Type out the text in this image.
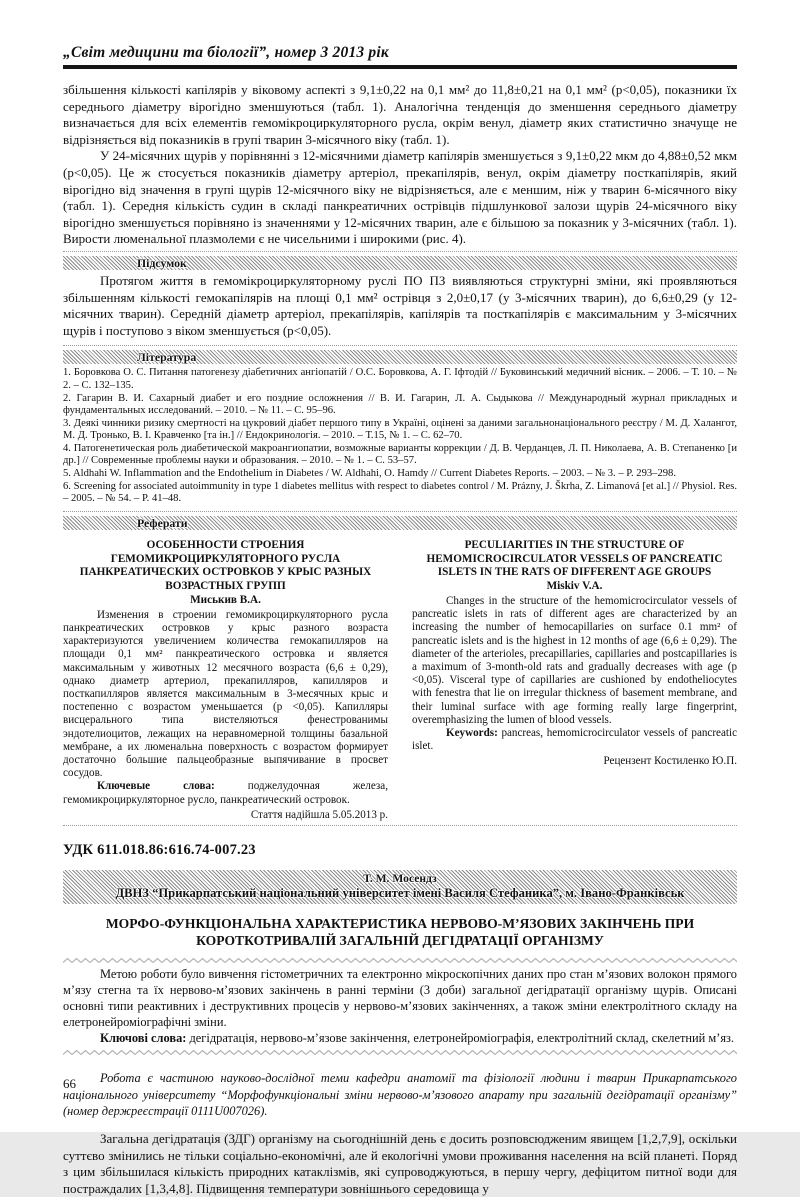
„Світ медицини та біології”, номер 3 2013 рік

збільшення кількості капілярів у віковому аспекті з 9,1±0,22 на 0,1 мм² до 11,8±0,21 на 0,1 мм² (р<0,05), показники їх середнього діаметру вірогідно зменшуються (табл. 1). Аналогічна тенденція до зменшення середнього діаметру визначається для всіх елементів гемомікроциркуляторного русла, окрім венул, діаметр яких статистично значуще не відрізняється від показників в групі тварин 3-місячного віку (табл. 1).

У 24-місячних щурів у порівнянні з 12-місячними діаметр капілярів зменшується з 9,1±0,22 мкм до 4,88±0,52 мкм (р<0,05). Це ж стосується показників діаметру артеріол, прекапілярів, венул, окрім діаметру посткапілярів, який вірогідно від значення в групі щурів 12-місячного віку не відрізняється, але є меншим, ніж у тварин 6-місячного віку (табл. 1). Середня кількість судин в складі панкреатичних острівців підшлункової залози щурів 24-місячного віку вірогідно зменшується порівняно із значеннями у 12-місячних тварин, але є більшою за показник у 3-місячних (табл. 1). Вирости люменальної плазмолеми є не чисельними і широкими (рис. 4).

Підсумок

Протягом життя в гемомікроциркуляторному руслі ПО ПЗ виявляються структурні зміни, які проявляються збільшенням кількості гемокапілярів на площі 0,1 мм² острівця з 2,0±0,17 (у 3-місячних тварин), до 6,6±0,29 (у 12-місячних тварин). Середній діаметр артеріол, прекапілярів, капілярів та посткапілярів є максимальним у 3-місячних щурів і поступово з віком зменшується (р<0,05).

Література
1. Боровкова О. С. Питання патогенезу діабетичних ангіопатій / О.С. Боровкова, А. Г. Іфтодій // Буковинський медичний вісник. – 2006. – Т. 10. – № 2. – С. 132–135.
2. Гагарин В. И. Сахарный диабет и его поздние осложнения // В. И. Гагарин, Л. А. Сыдыкова // Международный журнал прикладных и фундаментальных исследований. – 2010. – № 11. – С. 95–96.
3. Деякі чинники ризику смертності на цукровий діабет першого типу в Україні, оцінені за даними загальнонаціонального реєстру / М. Д. Халангот, М. Д. Тронько, В. І. Кравченко [та ін.] // Ендокринологія. – 2010. – Т.15, № 1. – С. 62–70.
4. Патогенетическая роль диабетической макроангиопатии, возможные варианты коррекции / Д. В. Черданцев, Л. П. Николаева, А. В. Степаненко [и др.] // Современные проблемы науки и образования. – 2010. – № 1. – С. 53–57.
5. Aldhahi W. Inflammation and the Endothelium in Diabetes / W. Aldhahi, O. Hamdy // Current Diabetes Reports. – 2003. – № 3. – P. 293–298.
6. Screening for associated autoimmunity in type 1 diabetes mellitus with respect to diabetes control / M. Prázny, J. Škrha, Z. Limanová [et al.] // Physiol. Res. – 2005. – № 54. – P. 41–48.
Реферати
ОСОБЕННОСТИ СТРОЕНИЯ ГЕМОМИКРОЦИРКУЛЯТОРНОГО РУСЛА ПАНКРЕАТИЧЕСКИХ ОСТРОВКОВ У КРЫС РАЗНЫХ ВОЗРАСТНЫХ ГРУПП
Миськив В.А.

Изменения в строении гемомикроциркуляторного русла панкреатических островков у крыс разного возраста характеризуются увеличением количества гемокапилляров на площади 0,1 мм² панкреатического островка и является максимальным у животных 12 месячного возраста (6,6 ± 0,29), однако диаметр артериол, прекапилляров, капилляров и посткапилляров является максимальным в 3-месячных крыс и постепенно с возрастом уменьшается (р <0,05). Капилляры висцерального типа вистеляються фенестрованимы эндотелиоцитов, лежащих на неравномерной толщины базальной мембране, а их люменальна поверхность с возрастом формирует достаточно большие пальцеобразные выпячивание в просвет сосудов.

Ключевые слова: поджелудочная железа, гемомикроциркуляторное русло, панкреатический островок.

Стаття надійшла 5.05.2013 р.
PECULIARITIES IN THE STRUCTURE OF HEMOMICROCIRCULATOR VESSELS OF PANCREATIC ISLETS IN THE RATS OF DIFFERENT AGE GROUPS
Miskiv V.A.

Changes in the structure of the hemomicrocirculator vessels of pancreatic islets in rats of different ages are characterized by an increasing the number of hemocapillaries on surface 0.1 mm² of pancreatic islets and is the highest in 12 months of age (6,6 ± 0,29). The diameter of the arterioles, precapillaries, capillaries and postcapillaries is a maximum of 3-month-old rats and gradually decreases with age (p <0,05). Visceral type of capillaries are cushioned by endotheliocytes with fenestra that lie on irregular thickness of basement membrane, and their luminal surface with age forming really large fingerprint, overemphasizing the lumen of blood vessels.

Keywords: pancreas, hemomicrocirculator vessels of pancreatic islet.

Рецензент Костиленко Ю.П.
УДК 611.018.86:616.74-007.23
Т. М. Мосендз
ДВНЗ “Прикарпатський національний університет імені Василя Стефаника”, м. Івано-Франківськ
МОРФО-ФУНКЦІОНАЛЬНА ХАРАКТЕРИСТИКА НЕРВОВО-М’ЯЗОВИХ ЗАКІНЧЕНЬ ПРИ КОРОТКОТРИВАЛІЙ ЗАГАЛЬНІЙ ДЕГІДРАТАЦІЇ ОРГАНІЗМУ

Метою роботи було вивчення гістометричних та електронно мікроскопічних даних про стан м’язових волокон прямого м’язу стегна та їх нервово-м’язових закінчень в ранні терміни (3 доби) загальної дегідратації організму щурів. Описані основні типи реактивних і деструктивних процесів у нервово-м’язових закінченнях, а також зміни електролітного складу на елетронейроміографічні зміни.

Ключові слова: дегідратація, нервово-м’язове закінчення, елетронейроміографія, електролітний склад, скелетний м’яз.

Робота є частиною науково-дослідної теми кафедри анатомії та фізіології людини і тварин Прикарпатського національного університету “Морфофункціональні зміни нервово-м’язового апарату при загальній дегідратації організму” (номер держреєстрації 0111U007026).

Загальна дегідратація (ЗДГ) організму на сьогоднішній день є досить розповсюдженим явищем [1,2,7,9], оскільки суттєво змінились не тільки соціально-економічні, але й екологічні умови проживання населення на всій планеті. Поряд з цим збільшилася кількість природних катаклізмів, які супроводжуються, в першу чергу, дефіцитом питної води для постраждалих [1,3,4,8]. Підвищення температури зовнішнього середовища у

66
